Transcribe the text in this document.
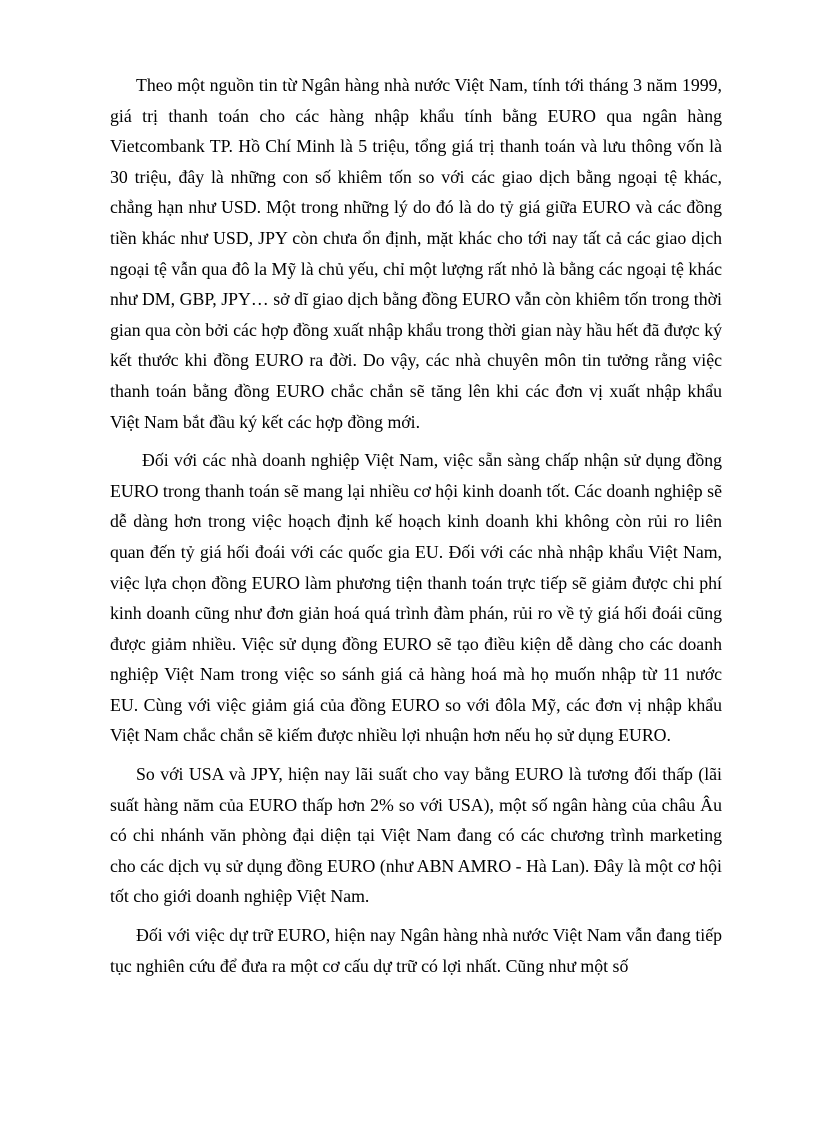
Theo một nguồn tin từ Ngân hàng nhà nước Việt Nam, tính tới tháng 3 năm 1999, giá trị thanh toán cho các hàng nhập khẩu tính bằng EURO qua ngân hàng Vietcombank TP. Hồ Chí Minh là 5 triệu, tổng giá trị thanh toán và lưu thông vốn là 30 triệu, đây là những con số khiêm tốn so với các giao dịch bằng ngoại tệ khác, chẳng hạn như USD. Một trong những lý do đó là do tỷ giá giữa EURO và các đồng tiền khác như USD, JPY còn chưa ổn định, mặt khác cho tới nay tất cả các giao dịch ngoại tệ vẫn qua đô la Mỹ là chủ yếu, chỉ một lượng rất nhỏ là bằng các ngoại tệ khác như DM, GBP, JPY… sở dĩ giao dịch bằng đồng EURO vẫn còn khiêm tốn trong thời gian qua còn bởi các hợp đồng xuất nhập khẩu trong thời gian này hầu hết đã được ký kết thước khi đồng EURO ra đời. Do vậy, các nhà chuyên môn tin tưởng rằng việc thanh toán bằng đồng EURO chắc chắn sẽ tăng lên khi các đơn vị xuất nhập khẩu Việt Nam bắt đầu ký kết các hợp đồng mới.

Đối với các nhà doanh nghiệp Việt Nam, việc sẵn sàng chấp nhận sử dụng đồng EURO trong thanh toán sẽ mang lại nhiều cơ hội kinh doanh tốt. Các doanh nghiệp sẽ dễ dàng hơn trong việc hoạch định kế hoạch kinh doanh khi không còn rủi ro liên quan đến tỷ giá hối đoái với các quốc gia EU. Đối với các nhà nhập khẩu Việt Nam, việc lựa chọn đồng EURO làm phương tiện thanh toán trực tiếp sẽ giảm được chi phí kinh doanh cũng như đơn giản hoá quá trình đàm phán, rủi ro về tỷ giá hối đoái cũng được giảm nhiều. Việc sử dụng đồng EURO sẽ tạo điều kiện dễ dàng cho các doanh nghiệp Việt Nam trong việc so sánh giá cả hàng hoá mà họ muốn nhập từ 11 nước EU. Cùng với việc giảm giá của đồng EURO so với đôla Mỹ, các đơn vị nhập khẩu Việt Nam chắc chắn sẽ kiếm được nhiều lợi nhuận hơn nếu họ sử dụng EURO.

So với USA và JPY, hiện nay lãi suất cho vay bằng EURO là tương đối thấp (lãi suất hàng năm của EURO thấp hơn 2% so với USA), một số ngân hàng của châu Âu có chi nhánh văn phòng đại diện tại Việt Nam đang có các chương trình marketing cho các dịch vụ sử dụng đồng EURO (như ABN AMRO - Hà Lan). Đây là một cơ hội tốt cho giới doanh nghiệp Việt Nam.

Đối với việc dự trữ EURO, hiện nay Ngân hàng nhà nước Việt Nam vẫn đang tiếp tục nghiên cứu để đưa ra một cơ cấu dự trữ có lợi nhất. Cũng như một số
